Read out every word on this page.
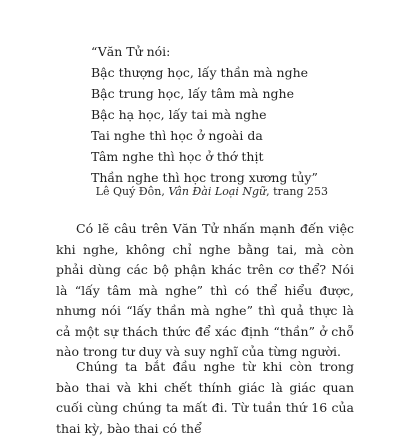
“Văn Tử nói:
Bậc thượng học, lấy thần mà nghe
Bậc trung học, lấy tâm mà nghe
Bậc hạ học, lấy tai mà nghe
Tai nghe thì học ở ngoài da
Tâm nghe thì học ở thớ thịt
Thần nghe thì học trong xương tủy”
Lê Quý Đôn, Vân Đài Loại Ngữ, trang 253

Có lẽ câu trên Văn Tử nhấn mạnh đến việc khi nghe, không chỉ nghe bằng tai, mà còn phải dùng các bộ phận khác trên cơ thể? Nói là “lấy tâm mà nghe” thì có thể hiểu được, nhưng nói “lấy thần mà nghe” thì quả thực là cả một sự thách thức để xác định “thần” ở chỗ nào trong tư duy và suy nghĩ của từng người.

Chúng ta bắt đầu nghe từ khi còn trong bào thai và khi chết thính giác là giác quan cuối cùng chúng ta mất đi. Từ tuần thứ 16 của thai kỳ, bào thai có thể
